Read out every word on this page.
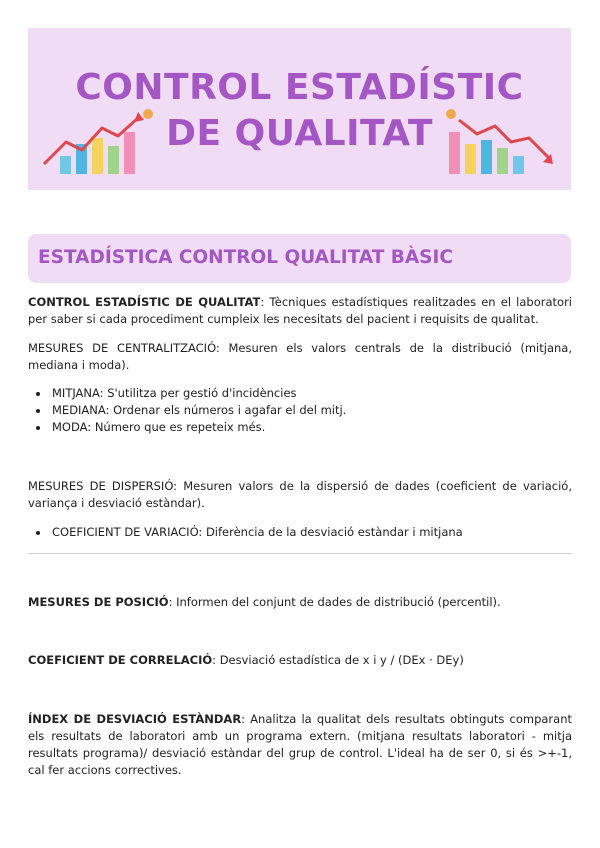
CONTROL ESTADÍSTIC
DE QUALITAT
ESTADÍSTICA CONTROL QUALITAT BÀSIC

CONTROL ESTADÍSTIC DE QUALITAT: Tècniques estadístiques realitzades en el laboratori per saber si cada procediment cumpleix les necesitats del pacient i requisits de qualitat.

MESURES DE CENTRALITZACIÓ: Mesuren els valors centrals de la distribució (mitjana, mediana i moda).

MITJANA: S'utilitza per gestió d'incidències
MEDIANA: Ordenar els números i agafar el del mitj.
MODA: Número que es repeteix més.

MESURES DE DISPERSIÓ: Mesuren valors de la dispersió de dades (coeficient de variació, variança i desviació estàndar).

COEFICIENT DE VARIACIÓ: Diferència de la desviació estàndar i mitjana

MESURES DE POSICIÓ: Informen del conjunt de dades de distribució (percentil).

COEFICIENT DE CORRELACIÓ: Desviació estadística de x i y / (DEx · DEy)

ÍNDEX DE DESVIACIÓ ESTÀNDAR: Analitza la qualitat dels resultats obtinguts comparant els resultats de laboratori amb un programa extern. (mitjana resultats laboratori - mitja resultats programa)/ desviació estàndar del grup de control. L'ideal ha de ser 0, si és >+-1, cal fer accions correctives.
